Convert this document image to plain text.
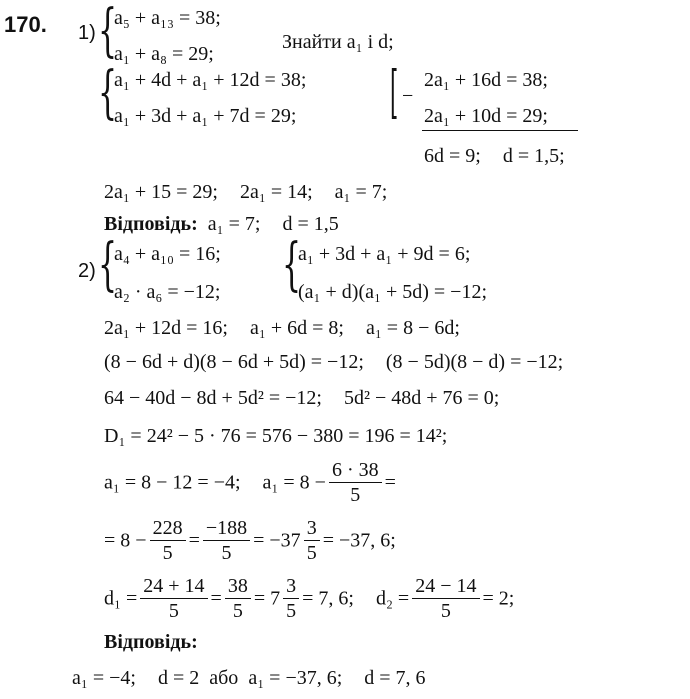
170. 1) {
a₅ + a₁₃ = 38;
a₁ + a₈ = 29;
Знайти a₁ і d;
{
a₁ + 4d + a₁ + 12d = 38;
a₁ + 3d + a₁ + 7d = 29;	[ −
2a₁ + 16d = 38;
2a₁ + 10d = 29;
6d = 9; d = 1,5;
2a₁ + 15 = 29; 2a₁ = 14; a₁ = 7;
Відповідь: a₁ = 7; d = 1,5
2) {
a₄ + a₁₀ = 16;
a₂ · a₆ = −12; {
a₁ + 3d + a₁ + 9d = 6;
(a₁ + d)(a₁ + 5d) = −12;
2a₁ + 12d = 16; a₁ + 6d = 8; a₁ = 8 − 6d;
(8 − 6d + d)(8 − 6d + 5d) = −12; (8 − 5d)(8 − d) = −12;
64 − 40d − 8d + 5d² = −12; 5d² − 48d + 76 = 0;
D₁ = 24² − 5 · 76 = 576 − 380 = 196 = 14²;
a₁ = 8 − 12 = −4; $a_1 = 8 - \frac{6 \cdot 38}{5}$ =
= $8 - \frac{228}{5} = \frac{-188}{5} = -37 \frac{3}{5} = -37$, 6;
$d_1 = \frac{24 + 14}{5} = \frac{38}{5} = 7 \frac{3}{5} = 7$, 6; $d_2 = \frac{24 - 14}{5} = 2$;
Відповідь:
a₁ = −4; d = 2 або a₁ = −37, 6; d = 7, 6
